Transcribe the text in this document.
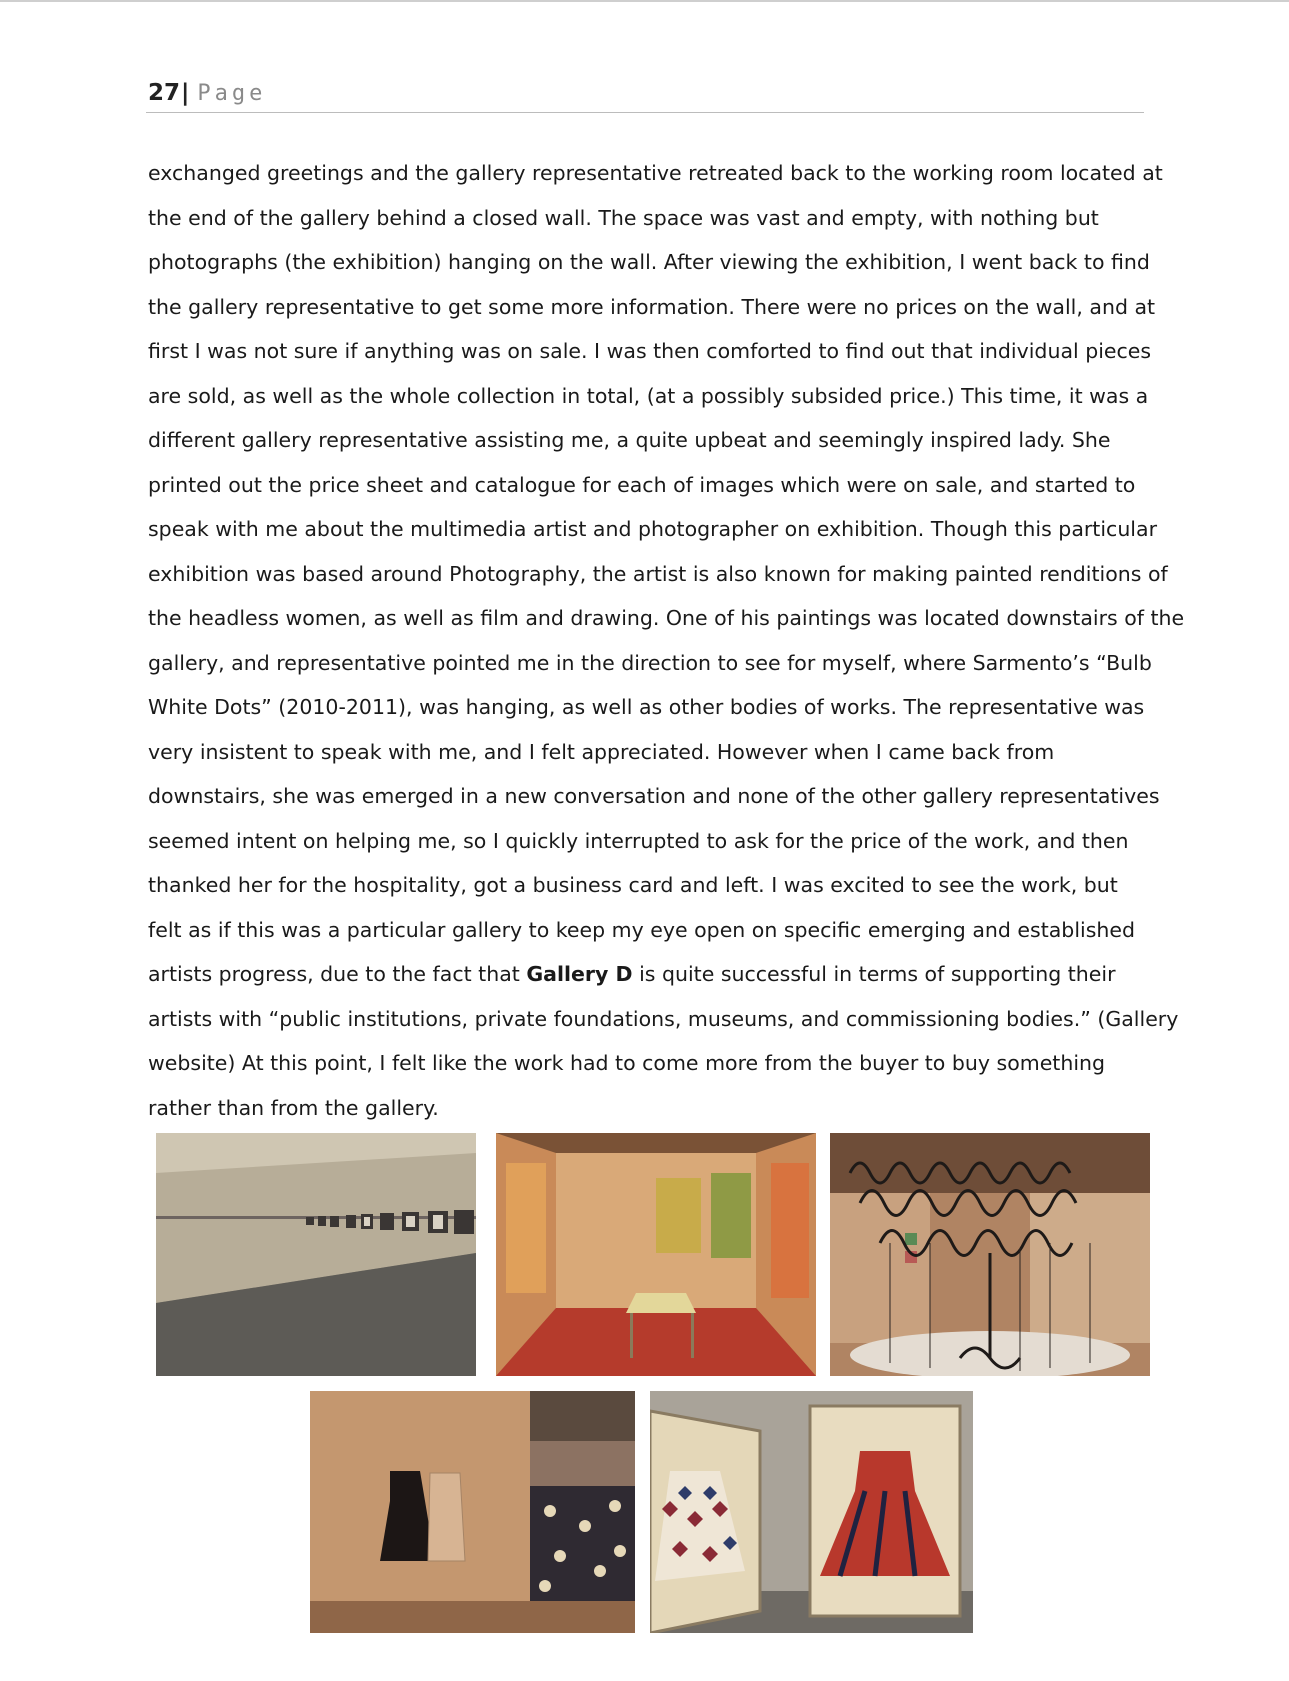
27| Page
exchanged greetings and the gallery representative retreated back to the working room located at
the end of the gallery behind a closed wall. The space was vast and empty, with nothing but
photographs (the exhibition) hanging on the wall. After viewing the exhibition, I went back to find
the gallery representative to get some more information. There were no prices on the wall, and at
first I was not sure if anything was on sale. I was then comforted to find out that individual pieces
are sold, as well as the whole collection in total, (at a possibly subsided price.) This time, it was a
different gallery representative assisting me, a quite upbeat and seemingly inspired lady. She
printed out the price sheet and catalogue for each of images which were on sale, and started to
speak with me about the multimedia artist and photographer on exhibition. Though this particular
exhibition was based around Photography, the artist is also known for making painted renditions of
the headless women, as well as film and drawing. One of his paintings was located downstairs of the
gallery, and representative pointed me in the direction to see for myself, where Sarmento’s “Bulb
White Dots” (2010-2011), was hanging, as well as other bodies of works. The representative was
very insistent to speak with me, and I felt appreciated. However when I came back from
downstairs, she was emerged in a new conversation and none of the other gallery representatives
seemed intent on helping me, so I quickly interrupted to ask for the price of the work, and then
thanked her for the hospitality, got a business card and left. I was excited to see the work, but
felt as if this was a particular gallery to keep my eye open on specific emerging and established
artists progress, due to the fact that Gallery D is quite successful in terms of supporting their
artists with “public institutions, private foundations, museums, and commissioning bodies.” (Gallery
website) At this point, I felt like the work had to come more from the buyer to buy something
rather than from the gallery.
